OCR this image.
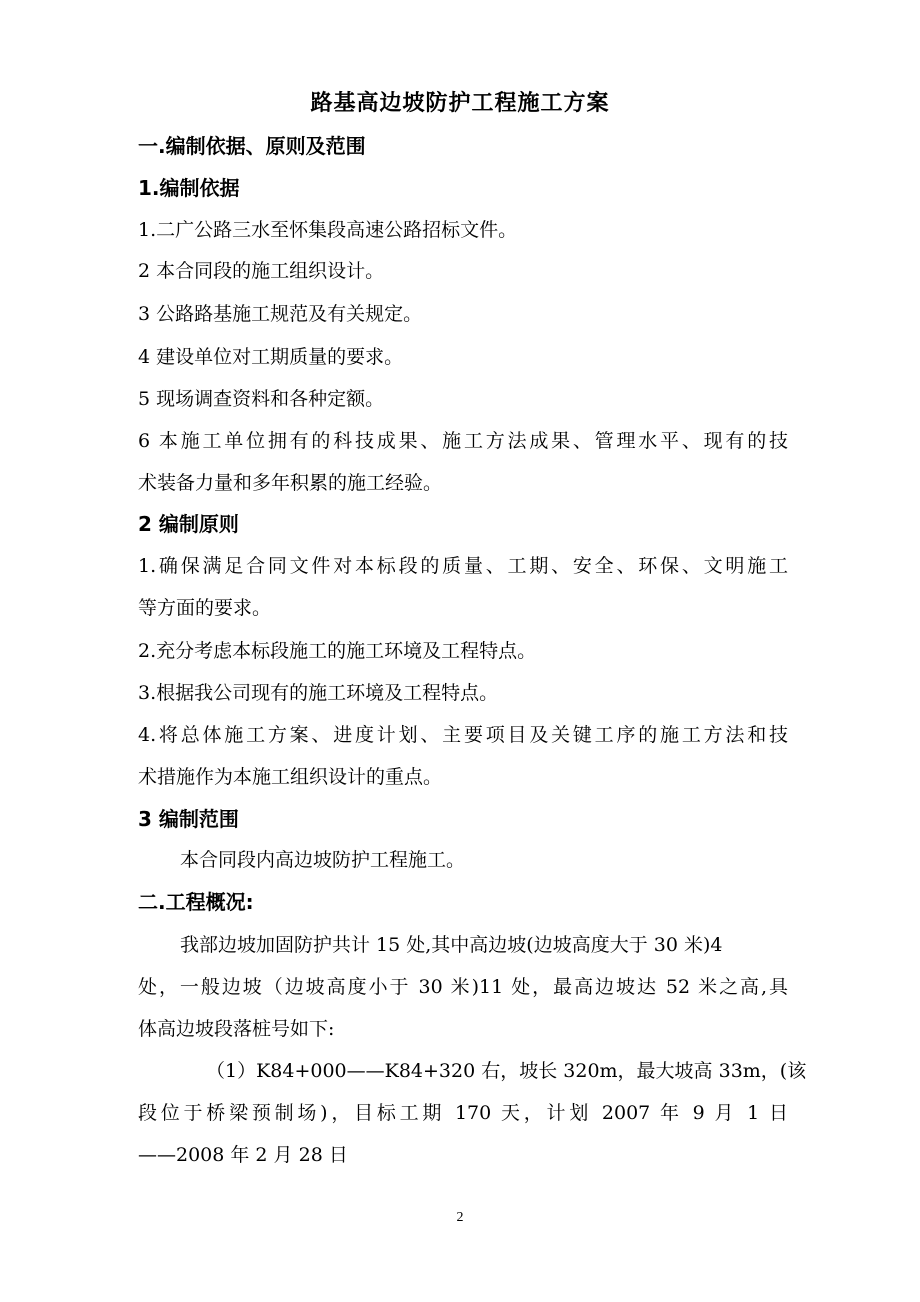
路基高边坡防护工程施工方案
一.编制依据、原则及范围
1.编制依据
1.二广公路三水至怀集段高速公路招标文件。
2 本合同段的施工组织设计。
3 公路路基施工规范及有关规定。
4 建设单位对工期质量的要求。
5 现场调查资料和各种定额。
6 本施工单位拥有的科技成果、施工方法成果、管理水平、现有的技
术装备力量和多年积累的施工经验。
2 编制原则
1.确保满足合同文件对本标段的质量、工期、安全、环保、文明施工
等方面的要求。
2.充分考虑本标段施工的施工环境及工程特点。
3.根据我公司现有的施工环境及工程特点。
4.将总体施工方案、进度计划、主要项目及关键工序的施工方法和技
术措施作为本施工组织设计的重点。
3 编制范围
本合同段内高边坡防护工程施工。
二.工程概况:
我部边坡加固防护共计 15 处,其中高边坡(边坡高度大于 30 米)4
处，一般边坡（边坡高度小于 30 米)11 处，最高边坡达 52 米之高,具
体高边坡段落桩号如下:
（1）K84+000——K84+320 右，坡长 320m，最大坡高 33m，(该
段位于桥梁预制场)，目标工期 170 天，计划 2007 年 9 月 1 日
——2008 年 2 月 28 日
2
